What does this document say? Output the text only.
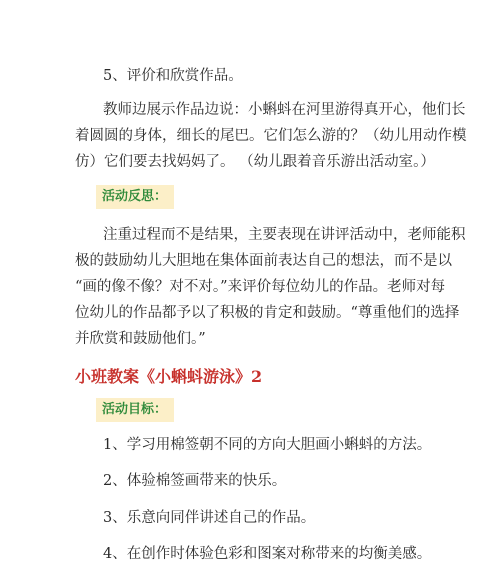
5、评价和欣赏作品。
教师边展示作品边说：小蝌蚪在河里游得真开心，他们长
着圆圆的身体，细长的尾巴。它们怎么游的？（幼儿用动作模
仿）它们要去找妈妈了。 （幼儿跟着音乐游出活动室。）
活动反思：
注重过程而不是结果，主要表现在讲评活动中，老师能积
极的鼓励幼儿大胆地在集体面前表达自己的想法，而不是以
“画的像不像？对不对。”来评价每位幼儿的作品。老师对每
位幼儿的作品都予以了积极的肯定和鼓励。“尊重他们的选择
并欣赏和鼓励他们。”
小班教案《小蝌蚪游泳》2
活动目标：
1、学习用棉签朝不同的方向大胆画小蝌蚪的方法。
2、体验棉签画带来的快乐。
3、乐意向同伴讲述自己的作品。
4、在创作时体验色彩和图案对称带来的均衡美感。
